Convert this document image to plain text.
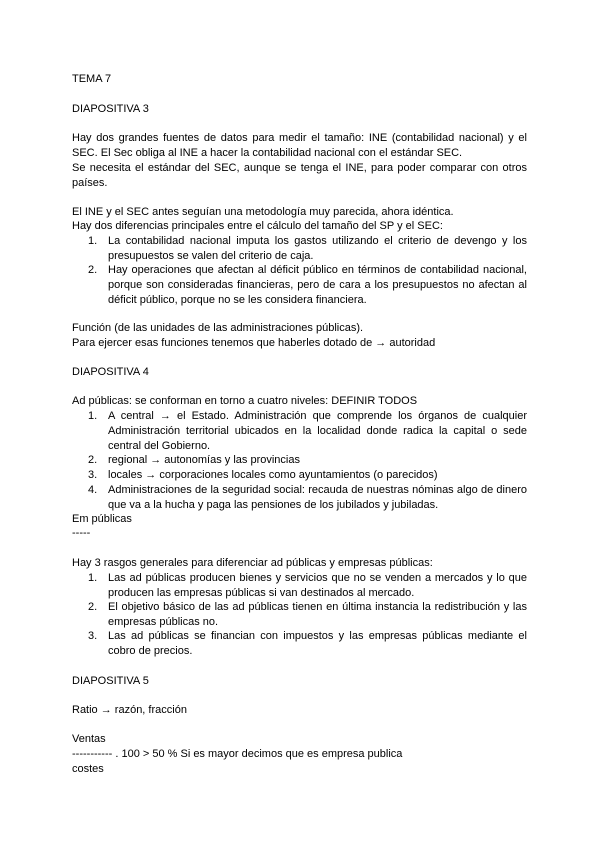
TEMA 7
DIAPOSITIVA 3
Hay dos grandes fuentes de datos para medir el tamaño: INE (contabilidad nacional) y el SEC. El Sec obliga al INE a hacer la contabilidad nacional con el estándar SEC.
Se necesita el estándar del SEC, aunque se tenga el INE, para poder comparar con otros países.
El INE y el SEC antes seguían una metodología muy parecida, ahora idéntica.
Hay dos diferencias principales entre el cálculo del tamaño del SP y el SEC:
1. La contabilidad nacional imputa los gastos utilizando el criterio de devengo y los presupuestos se valen del criterio de caja.
2. Hay operaciones que afectan al déficit público en términos de contabilidad nacional, porque son consideradas financieras, pero de cara a los presupuestos no afectan al déficit público, porque no se les considera financiera.
Función (de las unidades de las administraciones públicas).
Para ejercer esas funciones tenemos que haberles dotado de → autoridad
DIAPOSITIVA 4
Ad públicas: se conforman en torno a cuatro niveles: DEFINIR TODOS
1. A central → el Estado. Administración que comprende los órganos de cualquier Administración territorial ubicados en la localidad donde radica la capital o sede central del Gobierno.
2. regional → autonomías y las provincias
3. locales → corporaciones locales como ayuntamientos (o parecidos)
4. Administraciones de la seguridad social: recauda de nuestras nóminas algo de dinero que va a la hucha y paga las pensiones de los jubilados y jubiladas.
Em públicas
-----
Hay 3 rasgos generales para diferenciar ad públicas y empresas públicas:
1. Las ad públicas producen bienes y servicios que no se venden a mercados y lo que producen las empresas públicas si van destinados al mercado.
2. El objetivo básico de las ad públicas tienen en última instancia la redistribución y las empresas públicas no.
3. Las ad públicas se financian con impuestos y las empresas públicas mediante el cobro de precios.
DIAPOSITIVA 5
Ratio → razón, fracción
Ventas
----------- . 100 > 50 % Si es mayor decimos que es empresa publica
costes
